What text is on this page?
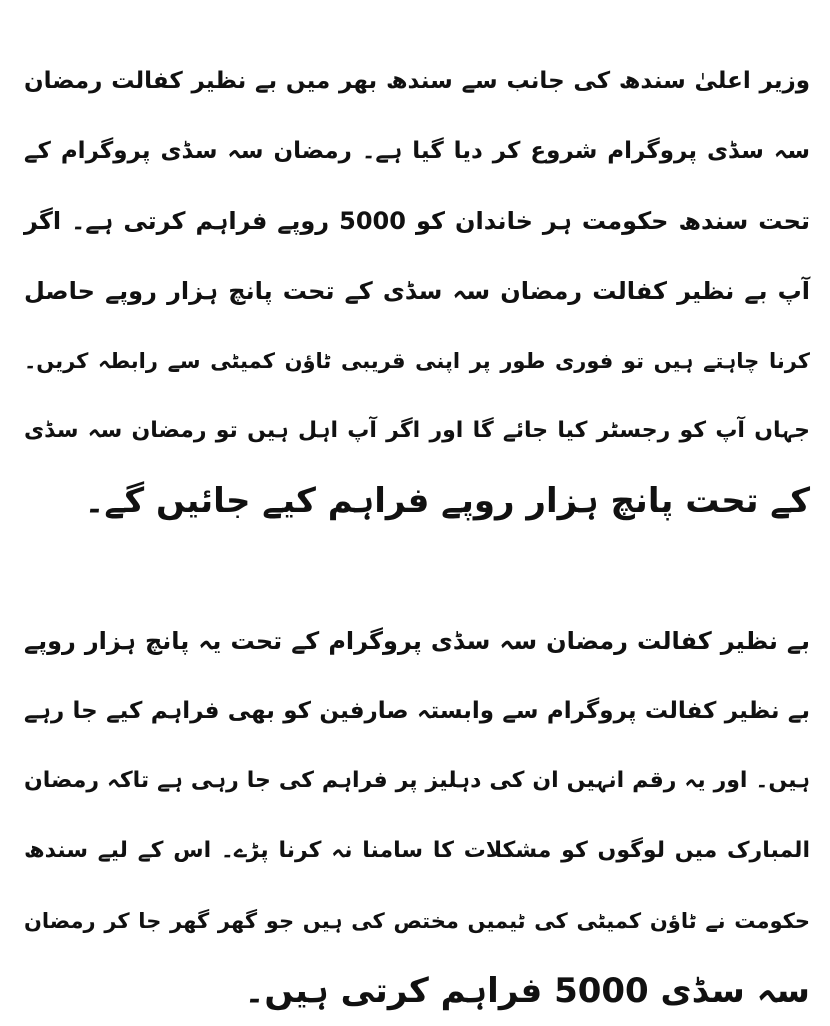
وزیر اعلیٰ سندھ کی جانب سے سندھ بھر میں بے نظیر کفالت رمضان
سہ سڈی پروگرام شروع کر دیا گیا ہے۔ رمضان سہ سڈی پروگرام کے
تحت سندھ حکومت ہر خاندان کو 5000 روپے فراہم کرتی ہے۔ اگر
آپ بے نظیر کفالت رمضان سہ سڈی کے تحت پانچ ہزار روپے حاصل
کرنا چاہتے ہیں تو فوری طور پر اپنی قریبی ٹاؤن کمیٹی سے رابطہ کریں۔
جہاں آپ کو رجسٹر کیا جائے گا اور اگر آپ اہل ہیں تو رمضان سہ سڈی
کے تحت پانچ ہزار روپے فراہم کیے جائیں گے۔
بے نظیر کفالت رمضان سہ سڈی پروگرام کے تحت یہ پانچ ہزار روپے
بے نظیر کفالت پروگرام سے وابستہ صارفین کو بھی فراہم کیے جا رہے
ہیں۔ اور یہ رقم انہیں ان کی دہلیز پر فراہم کی جا رہی ہے تاکہ رمضان
المبارک میں لوگوں کو مشکلات کا سامنا نہ کرنا پڑے۔ اس کے لیے سندھ
حکومت نے ٹاؤن کمیٹی کی ٹیمیں مختص کی ہیں جو گھر گھر جا کر رمضان
سہ سڈی 5000 فراہم کرتی ہیں۔
